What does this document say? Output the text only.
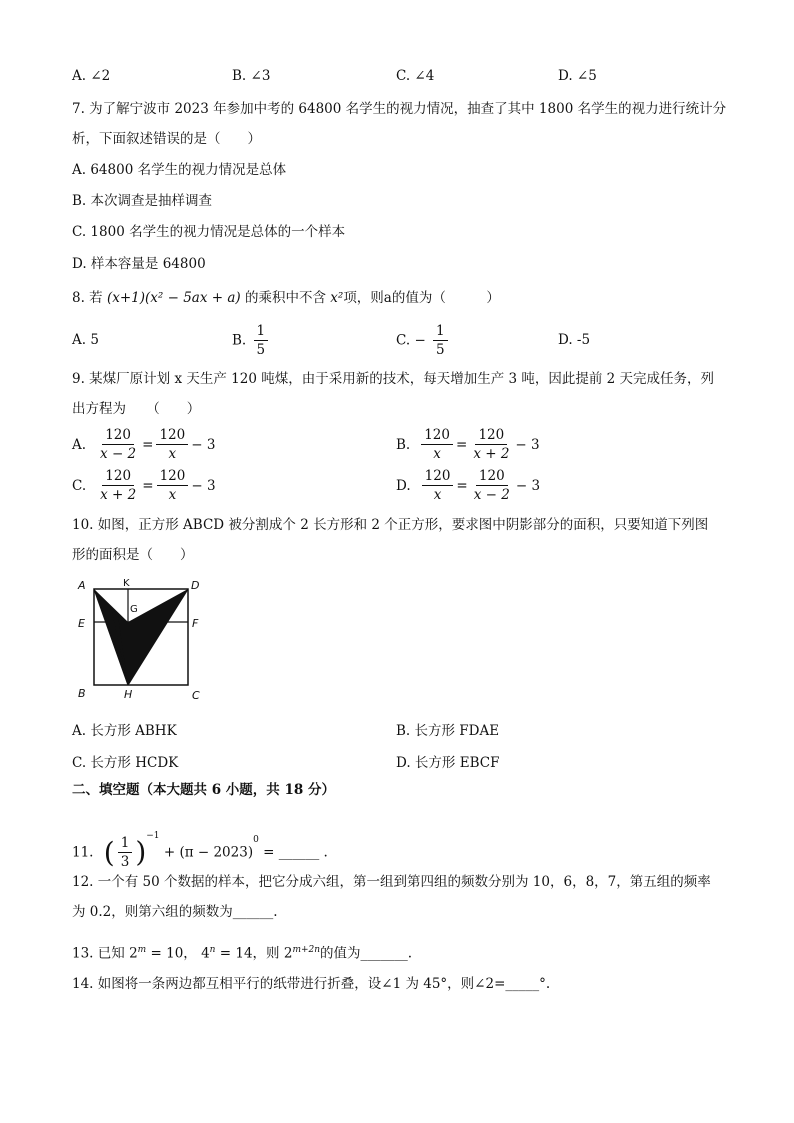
A. ∠2	B. ∠3	C. ∠4	D. ∠5
7. 为了解宁波市 2023 年参加中考的 64800 名学生的视力情况，抽查了其中 1800 名学生的视力进行统计分
析，下面叙述错误的是（　　）
A. 64800 名学生的视力情况是总体
B. 本次调查是抽样调查
C. 1800 名学生的视力情况是总体的一个样本
D. 样本容量是 64800
8. 若 (x+1)(x² − 5ax + a) 的乘积中不含 x²项，则a的值为（　　　）
A. 5	B. $\frac{1}{5}$	C. − $\frac{1}{5}$	D. -5
9. 某煤厂原计划 x 天生产 120 吨煤，由于采用新的技术，每天增加生产 3 吨，因此提前 2 天完成任务，列
出方程为　　（　　）
A. $\frac{120}{x - 2} = \frac{120}{x} - 3$	B. $\frac{120}{x} = \frac{120}{x + 2} - 3$
C. $\frac{120}{x + 2} = \frac{120}{x} - 3$	D. $\frac{120}{x} = \frac{120}{x - 2} - 3$
10. 如图，正方形 ABCD 被分割成个 2 长方形和 2 个正方形，要求图中阴影部分的面积，只要知道下列图
形的面积是（　　）
A	K	D
G
E	F
B	H	C
A. 长方形 ABHK	B. 长方形 FDAE
C. 长方形 HCDK	D. 长方形 EBCF
二、填空题（本大题共 6 小题，共 18 分）
11. ( $\frac{1}{3} )^{-1} + (\pi - 2023)^0$ = ______ .
12. 一个有 50 个数据的样本，把它分成六组，第一组到第四组的频数分别为 10，6，8，7，第五组的频率
为 0.2，则第六组的频数为______.
13. 已知 $2^m = 10$， $4^n = 14$，则 $2^{m+2n}$的值为_______.
14. 如图将一条两边都互相平行的纸带进行折叠，设∠1 为 45°，则∠2=_____°.
